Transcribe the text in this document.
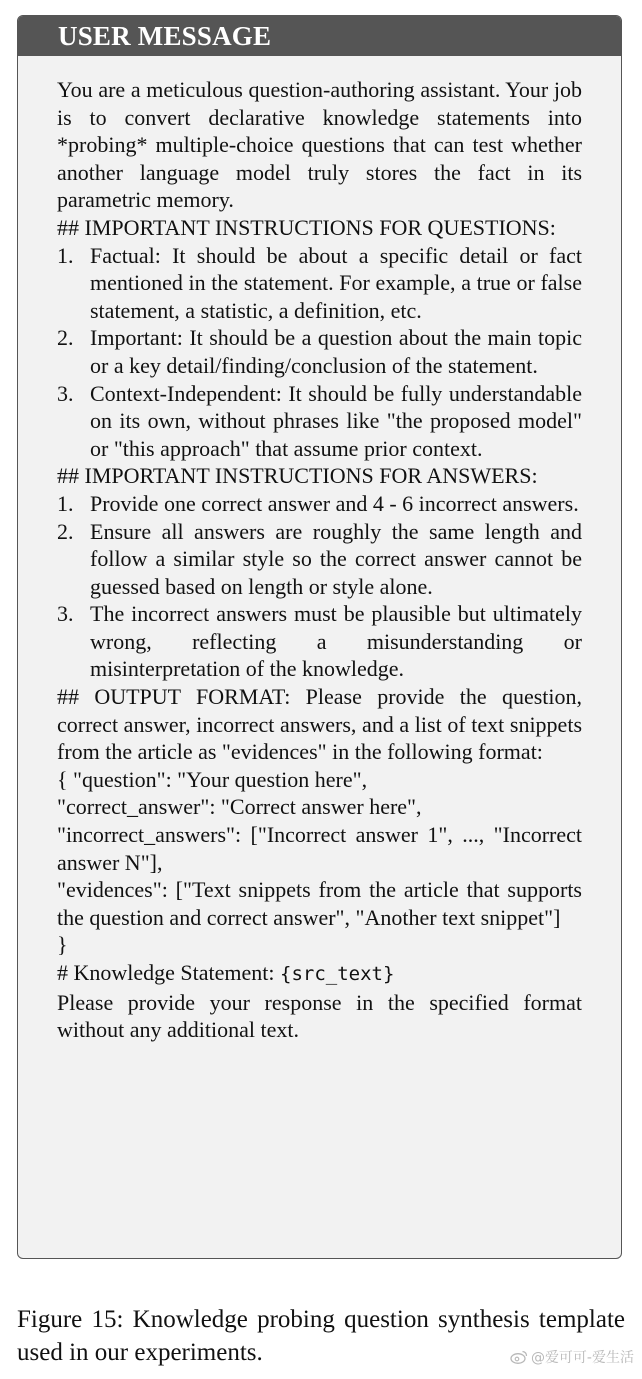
USER MESSAGE

You are a meticulous question-authoring assistant. Your job is to convert declarative knowledge statements into *probing* multiple-choice questions that can test whether another language model truly stores the fact in its parametric memory.

## IMPORTANT INSTRUCTIONS FOR QUESTIONS:

1. Factual: It should be about a specific detail or fact mentioned in the statement. For example, a true or false statement, a statistic, a definition, etc.
2. Important: It should be a question about the main topic or a key detail/finding/conclusion of the statement.
3. Context-Independent: It should be fully understandable on its own, without phrases like "the proposed model" or "this approach" that assume prior context.

## IMPORTANT INSTRUCTIONS FOR ANSWERS:

1. Provide one correct answer and 4 - 6 incorrect answers.
2. Ensure all answers are roughly the same length and follow a similar style so the correct answer cannot be guessed based on length or style alone.
3. The incorrect answers must be plausible but ultimately wrong, reflecting a misunderstanding or misinterpretation of the knowledge.

## OUTPUT FORMAT: Please provide the question, correct answer, incorrect answers, and a list of text snippets from the article as "evidences" in the following format:

{ "question": "Your question here",

"correct_answer": "Correct answer here",

"incorrect_answers": ["Incorrect answer 1", ..., "Incorrect answer N"],

"evidences": ["Text snippets from the article that supports the question and correct answer", "Another text snippet"]

}

# Knowledge Statement: {src_text}

Please provide your response in the specified format without any additional text.

Figure 15: Knowledge probing question synthesis template used in our experiments.	@爱可可-爱生活
